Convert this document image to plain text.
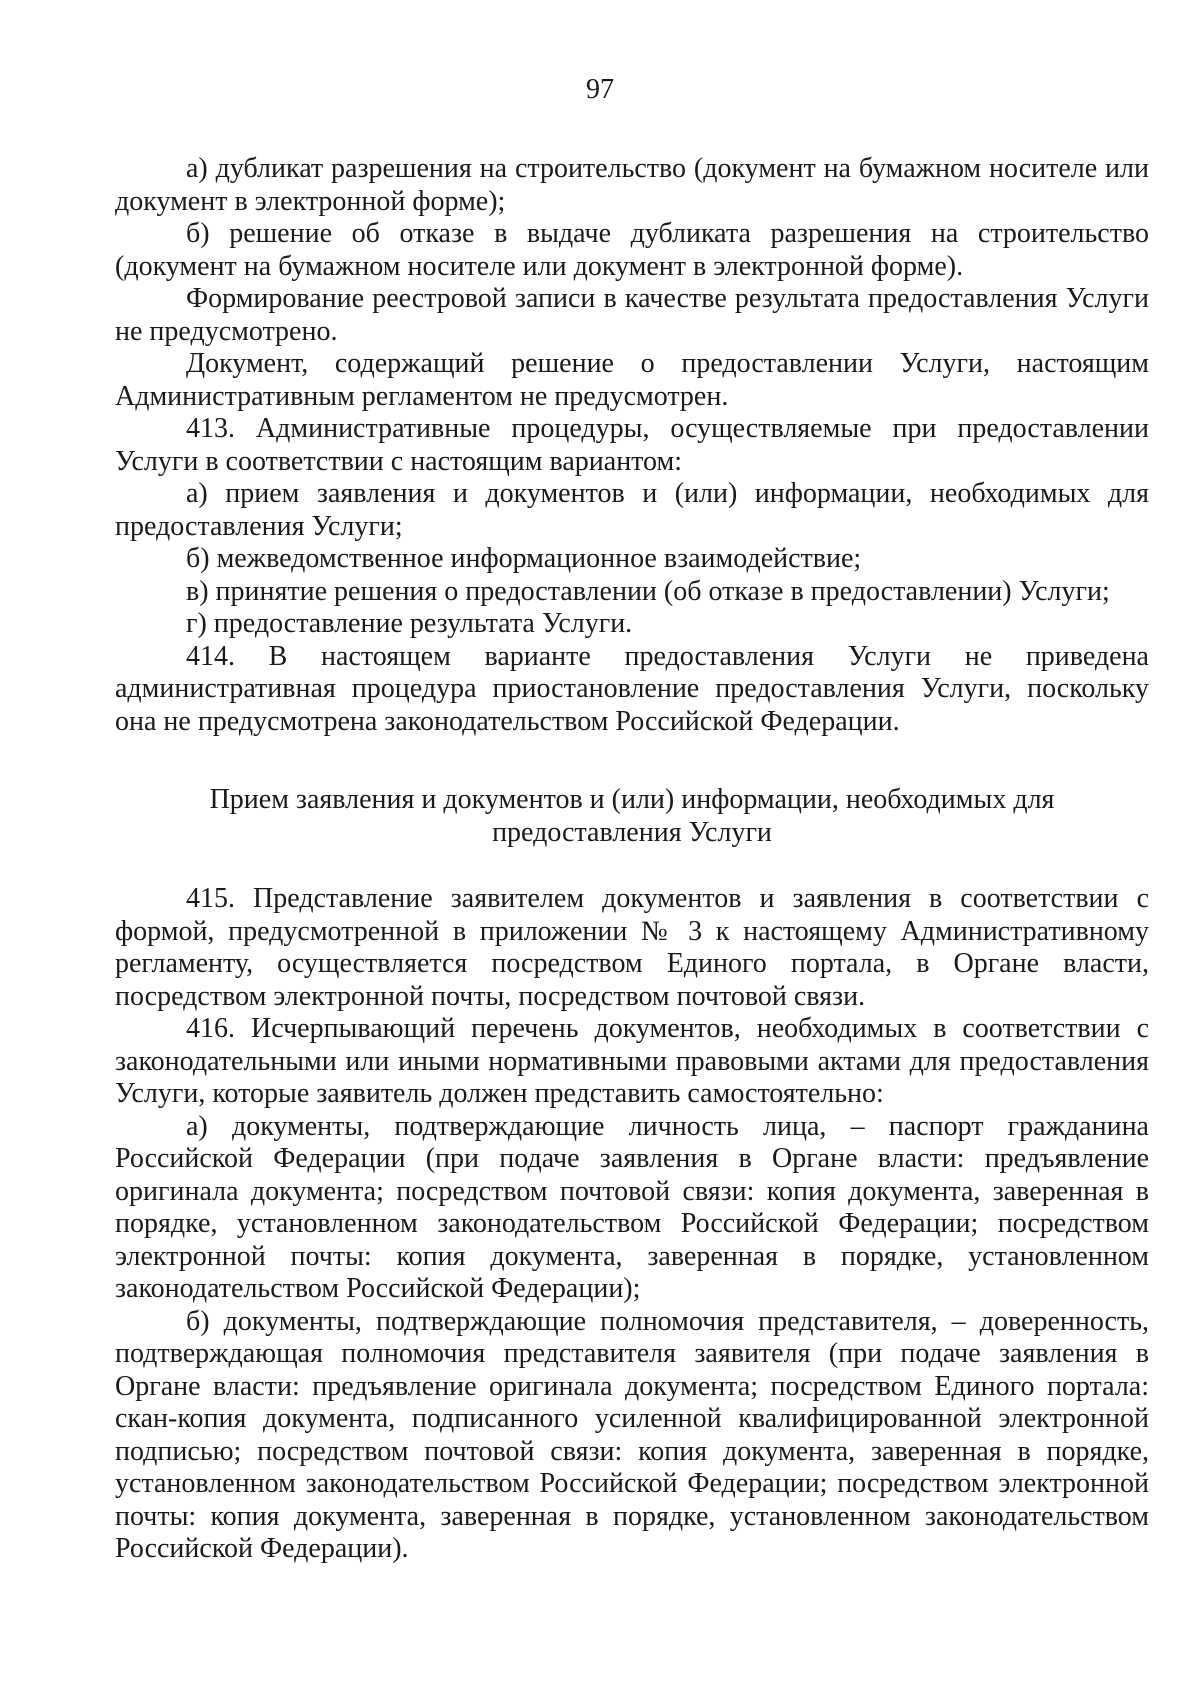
97

а) дубликат разрешения на строительство (документ на бумажном носителе или документ в электронной форме);

б) решение об отказе в выдаче дубликата разрешения на строительство (документ на бумажном носителе или документ в электронной форме).

Формирование реестровой записи в качестве результата предоставления Услуги не предусмотрено.

Документ, содержащий решение о предоставлении Услуги, настоящим Административным регламентом не предусмотрен.

413. Административные процедуры, осуществляемые при предоставлении Услуги в соответствии с настоящим вариантом:

а) прием заявления и документов и (или) информации, необходимых для предоставления Услуги;

б) межведомственное информационное взаимодействие;

в) принятие решения о предоставлении (об отказе в предоставлении) Услуги;

г) предоставление результата Услуги.

414. В настоящем варианте предоставления Услуги не приведена административная процедура приостановление предоставления Услуги, поскольку она не предусмотрена законодательством Российской Федерации.

Прием заявления и документов и (или) информации, необходимых для
предоставления Услуги

415. Представление заявителем документов и заявления в соответствии с формой, предусмотренной в приложении № 3 к настоящему Административному регламенту, осуществляется посредством Единого портала, в Органе власти, посредством электронной почты, посредством почтовой связи.

416. Исчерпывающий перечень документов, необходимых в соответствии с законодательными или иными нормативными правовыми актами для предоставления Услуги, которые заявитель должен представить самостоятельно:

а) документы, подтверждающие личность лица, – паспорт гражданина Российской Федерации (при подаче заявления в Органе власти: предъявление оригинала документа; посредством почтовой связи: копия документа, заверенная в порядке, установленном законодательством Российской Федерации; посредством электронной почты: копия документа, заверенная в порядке, установленном законодательством Российской Федерации);

б) документы, подтверждающие полномочия представителя, – доверенность, подтверждающая полномочия представителя заявителя (при подаче заявления в Органе власти: предъявление оригинала документа; посредством Единого портала: скан-копия документа, подписанного усиленной квалифицированной электронной подписью; посредством почтовой связи: копия документа, заверенная в порядке, установленном законодательством Российской Федерации; посредством электронной почты: копия документа, заверенная в порядке, установленном законодательством Российской Федерации).
